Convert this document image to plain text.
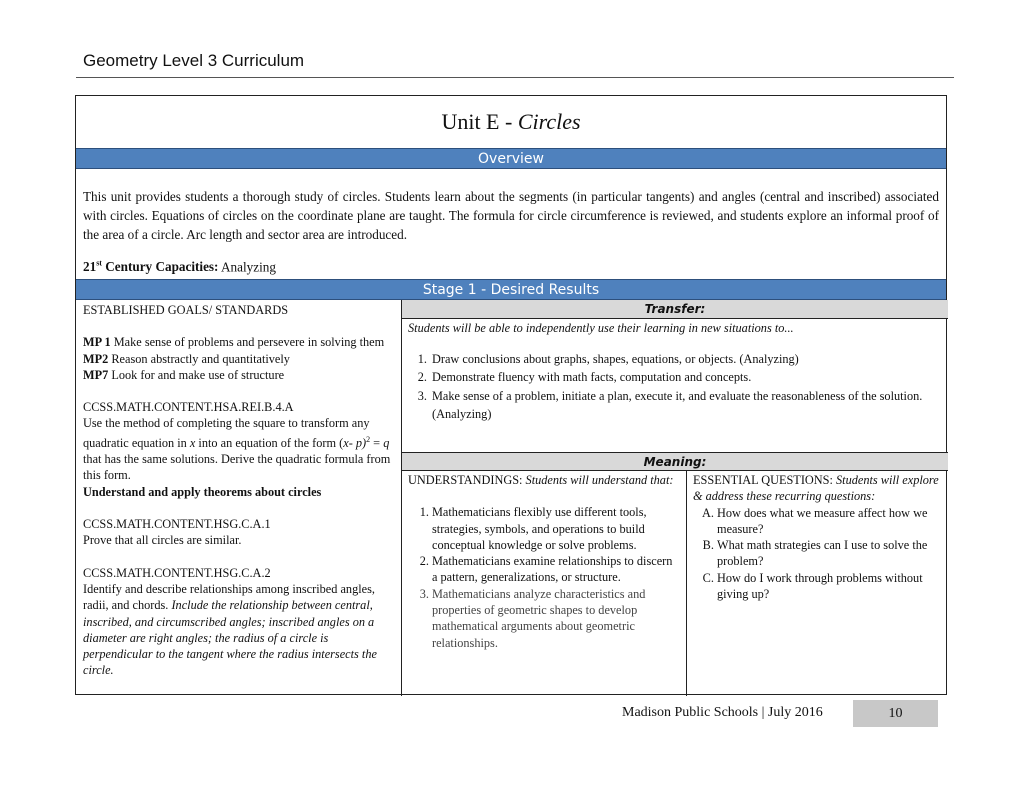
Geometry Level 3 Curriculum
Unit E - Circles
Overview
This unit provides students a thorough study of circles. Students learn about the segments (in particular tangents) and angles (central and inscribed) associated with circles. Equations of circles on the coordinate plane are taught. The formula for circle circumference is reviewed, and students explore an informal proof of the area of a circle. Arc length and sector area are introduced.
21st Century Capacities: Analyzing
Stage 1 - Desired Results

ESTABLISHED GOALS/ STANDARDS

MP 1 Make sense of problems and persevere in solving them

MP2 Reason abstractly and quantitatively

MP7 Look for and make use of structure

CCSS.MATH.CONTENT.HSA.REI.B.4.A

Use the method of completing the square to transform any quadratic equation in x into an equation of the form (x- p)$^2$ = q that has the same solutions. Derive the quadratic formula from this form.

Understand and apply theorems about circles

CCSS.MATH.CONTENT.HSG.C.A.1

Prove that all circles are similar.

CCSS.MATH.CONTENT.HSG.C.A.2

Identify and describe relationships among inscribed angles, radii, and chords. Include the relationship between central, inscribed, and circumscribed angles; inscribed angles on a diameter are right angles; the radius of a circle is perpendicular to the tangent where the radius intersects the circle.

Transfer:
Students will be able to independently use their learning in new situations to...
1. Draw conclusions about graphs, shapes, equations, or objects. (Analyzing)
2. Demonstrate fluency with math facts, computation and concepts.
3. Make sense of a problem, initiate a plan, execute it, and evaluate the reasonableness of the solution. (Analyzing)
Meaning:

UNDERSTANDINGS: Students will understand that:

1. Mathematicians flexibly use different tools, strategies, symbols, and operations to build conceptual knowledge or solve problems.
2. Mathematicians examine relationships to discern a pattern, generalizations, or structure.
3. Mathematicians analyze characteristics and properties of geometric shapes to develop mathematical arguments about geometric relationships.

ESSENTIAL QUESTIONS: Students will explore & address these recurring questions:

A. How does what we measure affect how we measure?
B. What math strategies can I use to solve the problem?
C. How do I work through problems without giving up?
Madison Public Schools | July 2016	10
